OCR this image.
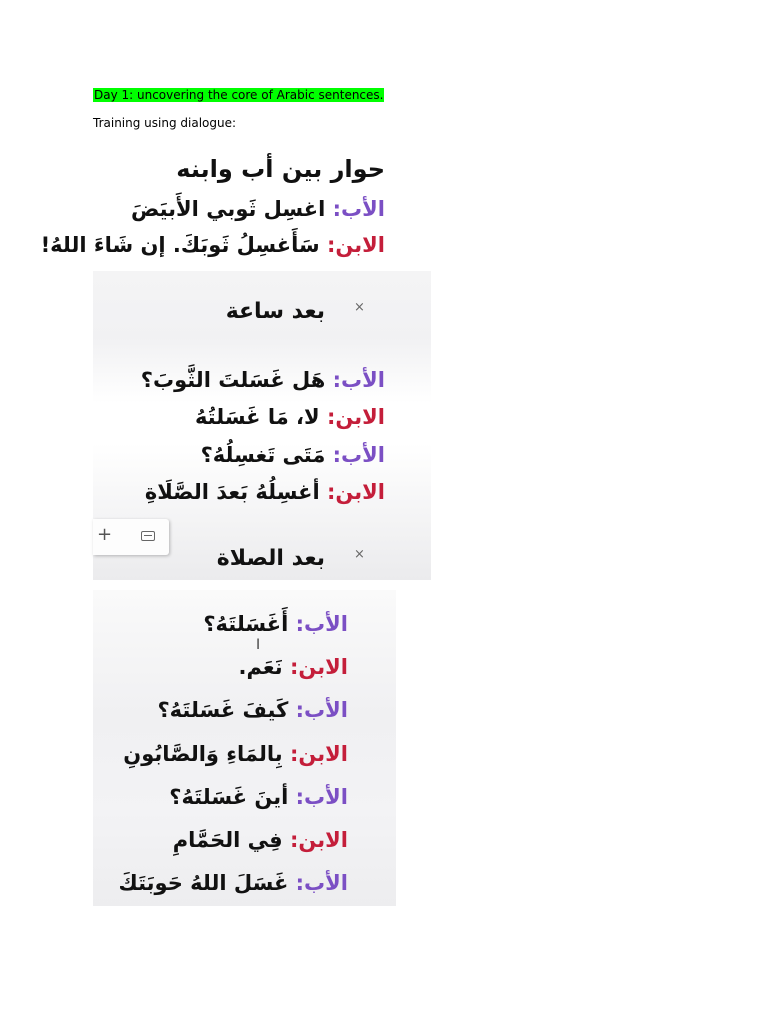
Day 1: uncovering the core of Arabic sentences.
Training using dialogue:
حوار بين أب وابنه
الأب: اغسِل ثَوبي الأَبيَضَ
الابن: سَأَغسِلُ ثَوبَكَ. إن شَاءَ اللهُ!
بعد ساعة ×
الأب: هَل غَسَلتَ الثَّوبَ؟
الابن: لا، مَا غَسَلتُهُ
الأب: مَتَى تَغسِلُهُ؟
الابن: أغسِلُهُ بَعدَ الصَّلَاةِ
+
بعد الصلاة ×
الأب: أَغَسَلتَهُ؟
I
الابن: نَعَم.
الأب: كَيفَ غَسَلتَهُ؟
الابن: بِالمَاءِ وَالصَّابُونِ
الأب: أينَ غَسَلتَهُ؟
الابن: فِي الحَمَّامِ
الأب: غَسَلَ اللهُ حَوبَتَكَ
